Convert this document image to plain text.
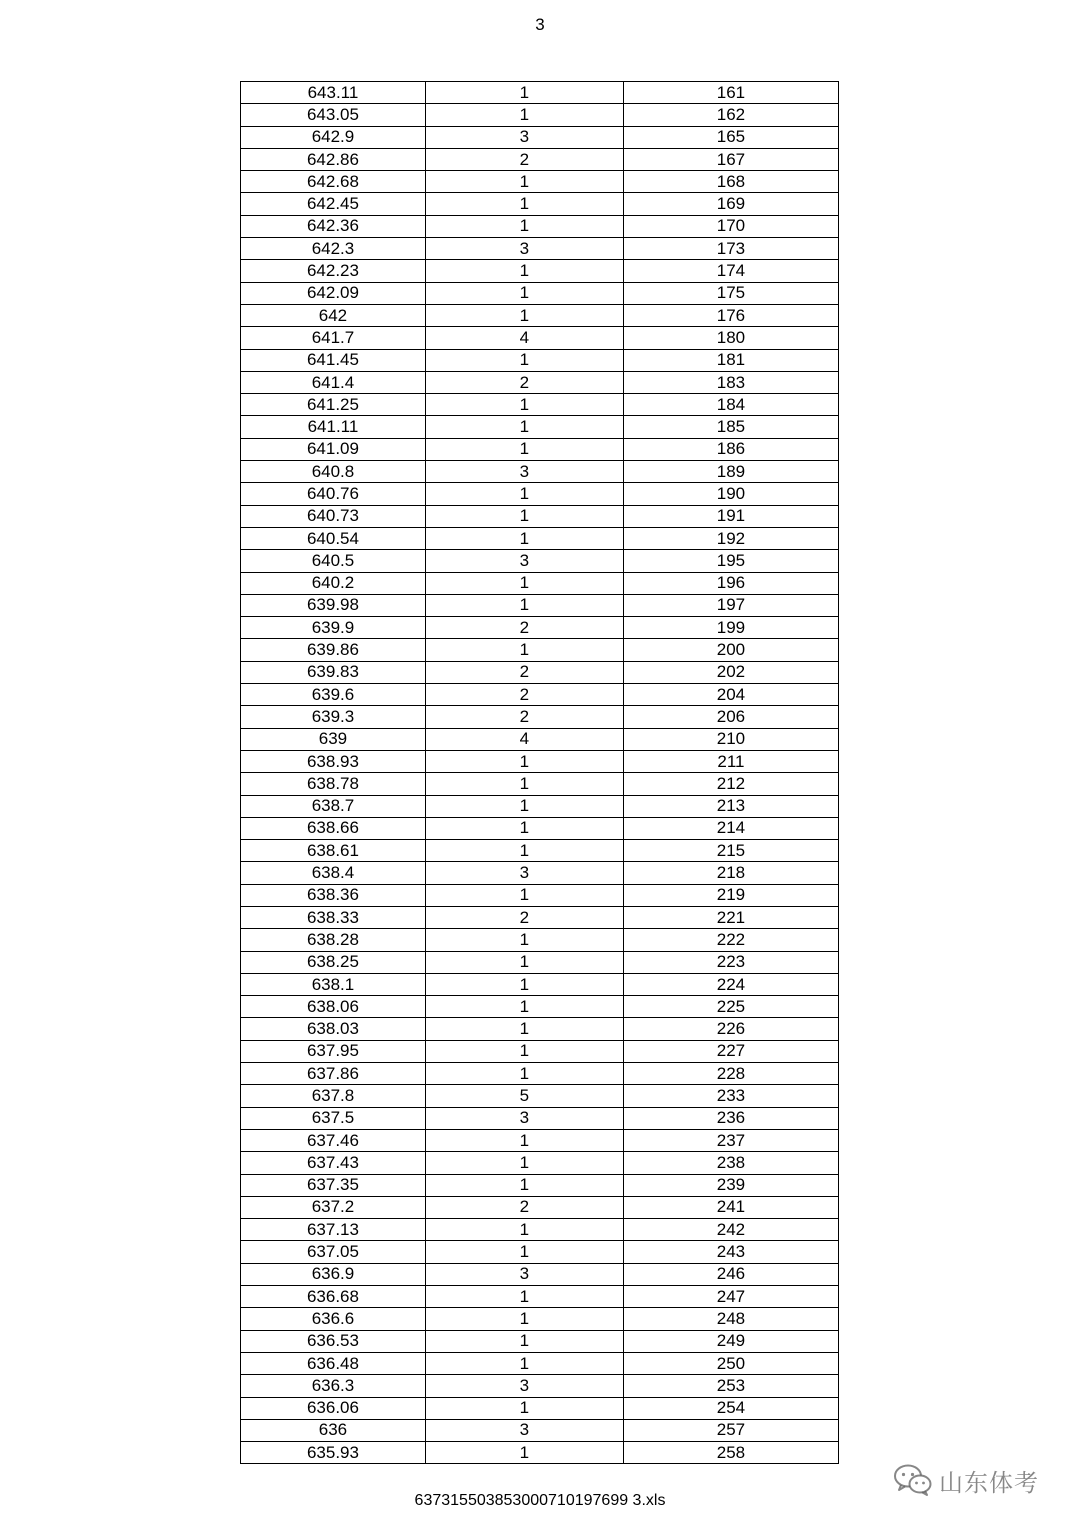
3
643.11	1	161
643.05	1	162
642.9	3	165
642.86	2	167
642.68	1	168
642.45	1	169
642.36	1	170
642.3	3	173
642.23	1	174
642.09	1	175
642	1	176
641.7	4	180
641.45	1	181
641.4	2	183
641.25	1	184
641.11	1	185
641.09	1	186
640.8	3	189
640.76	1	190
640.73	1	191
640.54	1	192
640.5	3	195
640.2	1	196
639.98	1	197
639.9	2	199
639.86	1	200
639.83	2	202
639.6	2	204
639.3	2	206
639	4	210
638.93	1	211
638.78	1	212
638.7	1	213
638.66	1	214
638.61	1	215
638.4	3	218
638.36	1	219
638.33	2	221
638.28	1	222
638.25	1	223
638.1	1	224
638.06	1	225
638.03	1	226
637.95	1	227
637.86	1	228
637.8	5	233
637.5	3	236
637.46	1	237
637.43	1	238
637.35	1	239
637.2	2	241
637.13	1	242
637.05	1	243
636.9	3	246
636.68	1	247
636.6	1	248
636.53	1	249
636.48	1	250
636.3	3	253
636.06	1	254
636	3	257
635.93	1	258
山东体考
637315503853000710197699 3.xls
